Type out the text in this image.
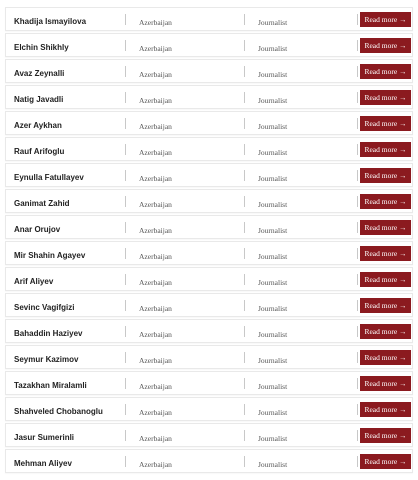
Khadija Ismayilova	Azerbaijan	Journalist	Read more →
Elchin Shikhly	Azerbaijan	Journalist	Read more →
Avaz Zeynalli	Azerbaijan	Journalist	Read more →
Natig Javadli	Azerbaijan	Journalist	Read more →
Azer Aykhan	Azerbaijan	Journalist	Read more →
Rauf Arifoglu	Azerbaijan	Journalist	Read more →
Eynulla Fatullayev	Azerbaijan	Journalist	Read more →
Ganimat Zahid	Azerbaijan	Journalist	Read more →
Anar Orujov	Azerbaijan	Journalist	Read more →
Mir Shahin Agayev	Azerbaijan	Journalist	Read more →
Arif Aliyev	Azerbaijan	Journalist	Read more →
Sevinc Vagifgizi	Azerbaijan	Journalist	Read more →
Bahaddin Haziyev	Azerbaijan	Journalist	Read more →
Seymur Kazimov	Azerbaijan	Journalist	Read more →
Tazakhan Miralamli	Azerbaijan	Journalist	Read more →
Shahveled Chobanoglu	Azerbaijan	Journalist	Read more →
Jasur Sumerinli	Azerbaijan	Journalist	Read more →
Mehman Aliyev	Azerbaijan	Journalist	Read more →
